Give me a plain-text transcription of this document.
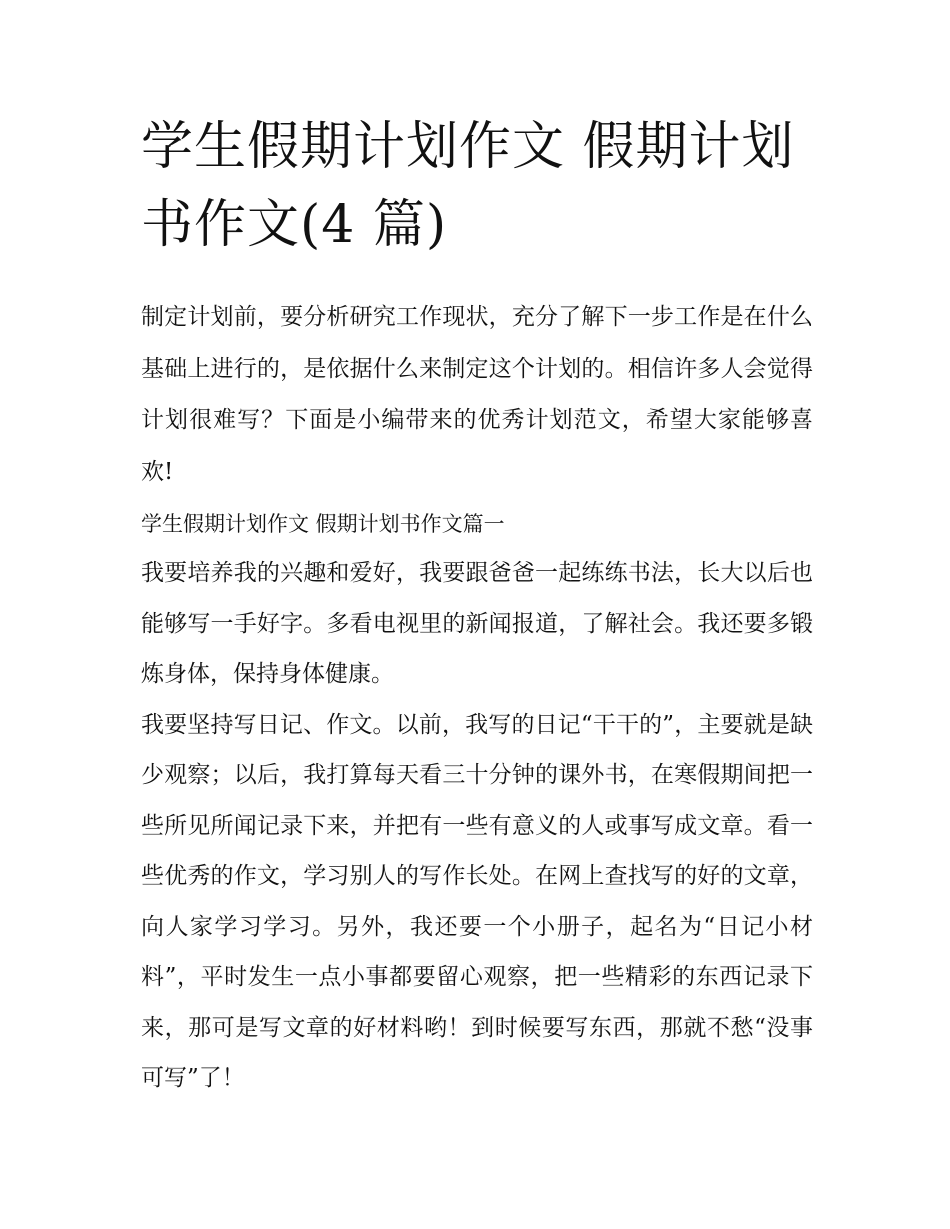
学生假期计划作文 假期计划书作文(4 篇)

制定计划前，要分析研究工作现状，充分了解下一步工作是在什么基础上进行的，是依据什么来制定这个计划的。相信许多人会觉得计划很难写？下面是小编带来的优秀计划范文，希望大家能够喜欢!

学生假期计划作文 假期计划书作文篇一

我要培养我的兴趣和爱好，我要跟爸爸一起练练书法，长大以后也能够写一手好字。多看电视里的新闻报道，了解社会。我还要多锻炼身体，保持身体健康。

我要坚持写日记、作文。以前，我写的日记“干干的”，主要就是缺少观察；以后，我打算每天看三十分钟的课外书，在寒假期间把一些所见所闻记录下来，并把有一些有意义的人或事写成文章。看一些优秀的作文，学习别人的写作长处。在网上查找写的好的文章，向人家学习学习。另外，我还要一个小册子，起名为“日记小材料”，平时发生一点小事都要留心观察，把一些精彩的东西记录下来，那可是写文章的好材料哟！到时候要写东西，那就不愁“没事可写”了！
